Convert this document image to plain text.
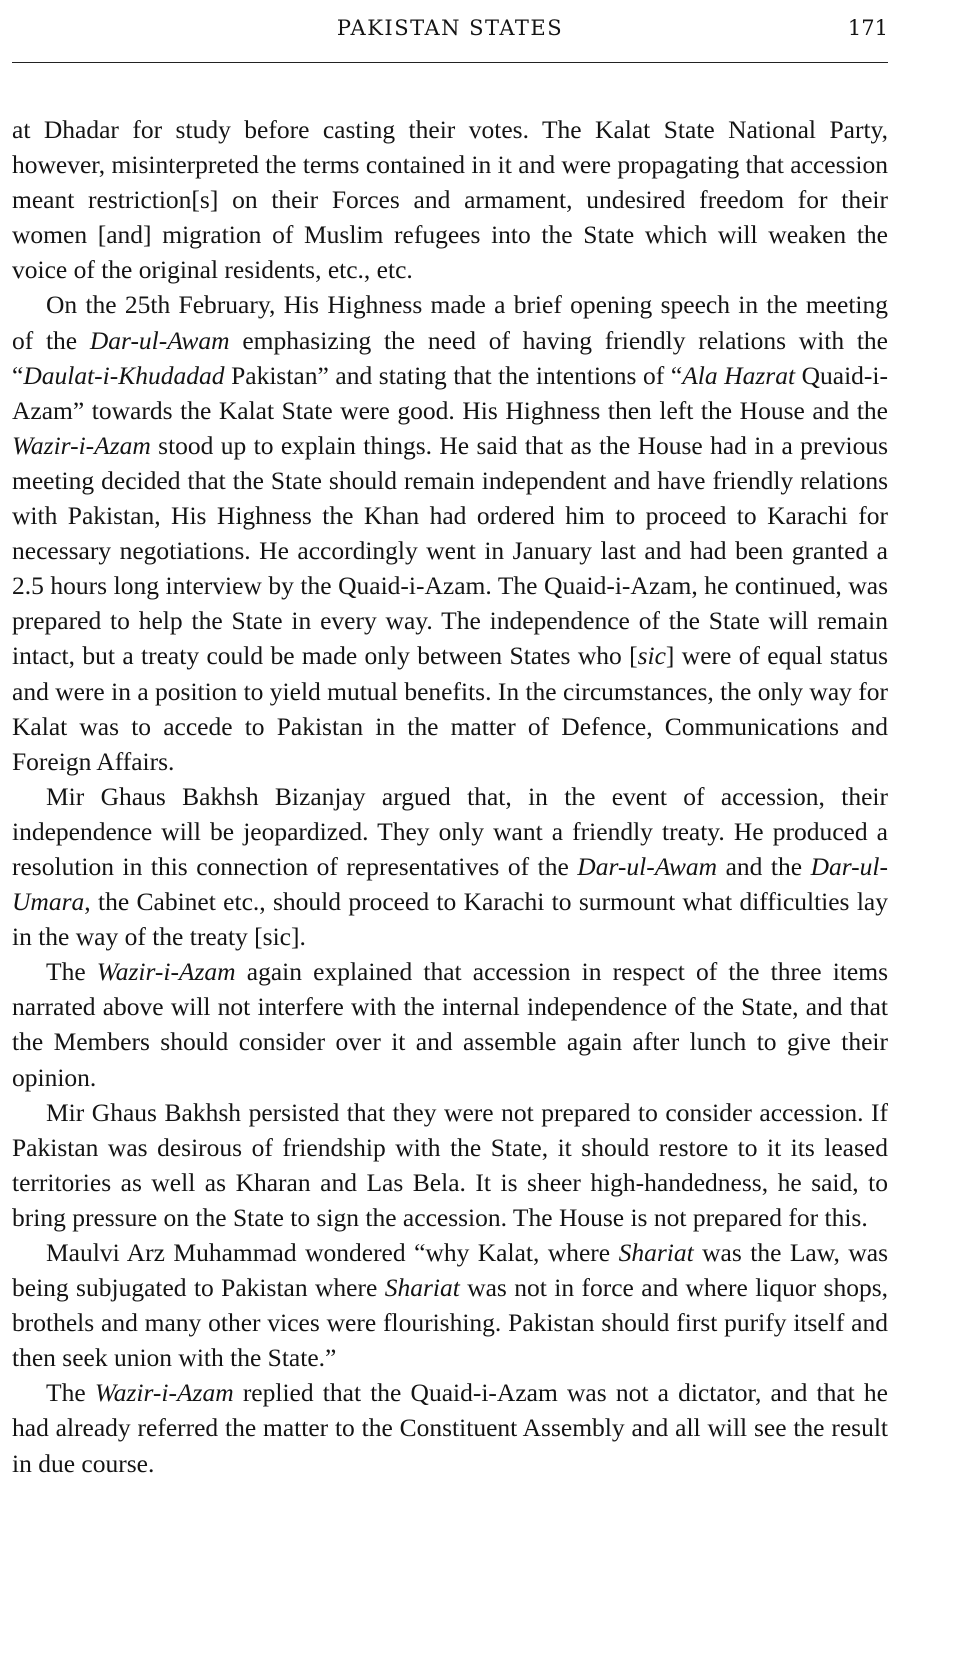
PAKISTAN STATES	171

at Dhadar for study before casting their votes. The Kalat State National Party, however, misinterpreted the terms contained in it and were propagating that accession meant restriction[s] on their Forces and armament, undesired freedom for their women [and] migration of Muslim refugees into the State which will weaken the voice of the original residents, etc., etc.

On the 25th February, His Highness made a brief opening speech in the meeting of the Dar-ul-Awam emphasizing the need of having friendly relations with the “Daulat-i-Khudadad Pakistan” and stating that the intentions of “Ala Hazrat Quaid-i-Azam” towards the Kalat State were good. His Highness then left the House and the Wazir-i-Azam stood up to explain things. He said that as the House had in a previous meeting decided that the State should remain independent and have friendly relations with Pakistan, His Highness the Khan had ordered him to proceed to Karachi for necessary negotiations. He accordingly went in January last and had been granted a 2.5 hours long interview by the Quaid-i-Azam. The Quaid-i-Azam, he continued, was prepared to help the State in every way. The independence of the State will remain intact, but a treaty could be made only between States who [sic] were of equal status and were in a position to yield mutual benefits. In the circumstances, the only way for Kalat was to accede to Pakistan in the matter of Defence, Communications and Foreign Affairs.

Mir Ghaus Bakhsh Bizanjay argued that, in the event of accession, their independence will be jeopardized. They only want a friendly treaty. He produced a resolution in this connection of representatives of the Dar-ul-Awam and the Dar-ul-Umara, the Cabinet etc., should proceed to Karachi to surmount what difficulties lay in the way of the treaty [sic].

The Wazir-i-Azam again explained that accession in respect of the three items narrated above will not interfere with the internal independence of the State, and that the Members should consider over it and assemble again after lunch to give their opinion.

Mir Ghaus Bakhsh persisted that they were not prepared to consider accession. If Pakistan was desirous of friendship with the State, it should restore to it its leased territories as well as Kharan and Las Bela. It is sheer high-handedness, he said, to bring pressure on the State to sign the accession. The House is not prepared for this.

Maulvi Arz Muhammad wondered “why Kalat, where Shariat was the Law, was being subjugated to Pakistan where Shariat was not in force and where liquor shops, brothels and many other vices were flourishing. Pakistan should first purify itself and then seek union with the State.”

The Wazir-i-Azam replied that the Quaid-i-Azam was not a dictator, and that he had already referred the matter to the Constituent Assembly and all will see the result in due course.
